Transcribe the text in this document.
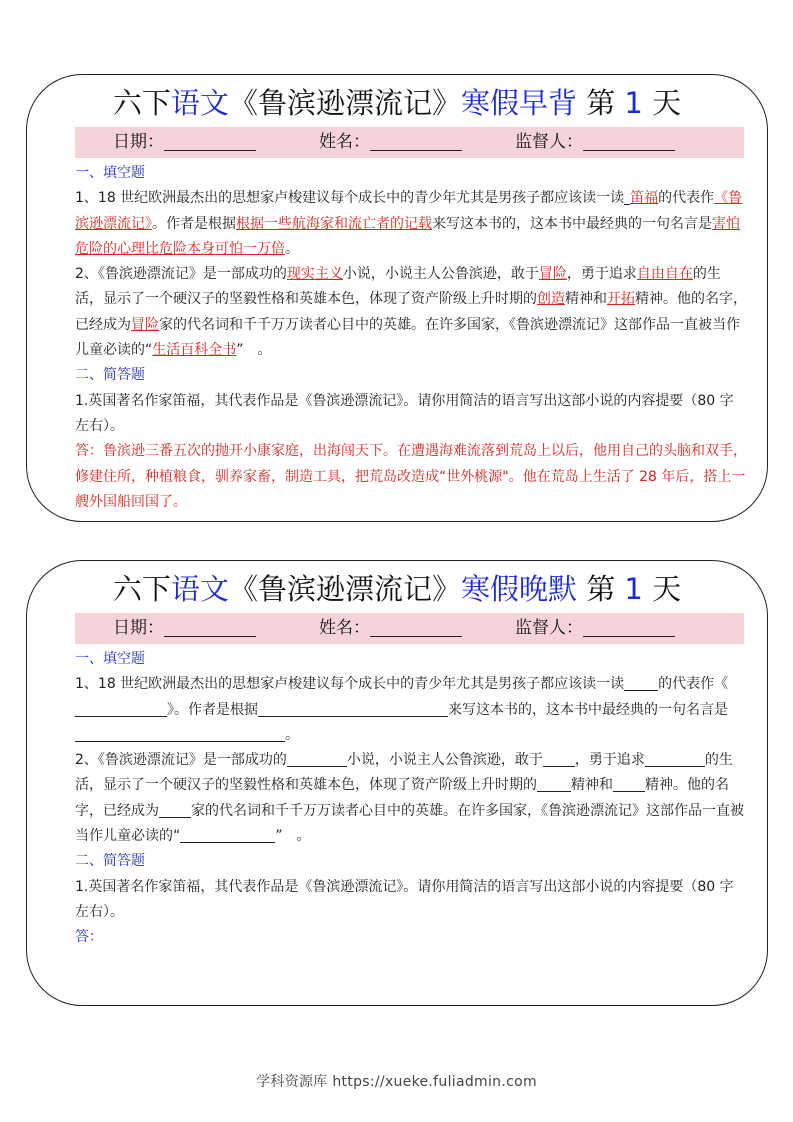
六下语文《鲁滨逊漂流记》寒假早背 第 1 天
日期：	姓名：	监督人：

一、填空题

1、18 世纪欧洲最杰出的思想家卢梭建议每个成长中的青少年尤其是男孩子都应该读一读 笛福的代表作《鲁滨逊漂流记》。作者是根据根据一些航海家和流亡者的记载来写这本书的，这本书中最经典的一句名言是害怕危险的心理比危险本身可怕一万倍。

2、《鲁滨逊漂流记》是一部成功的现实主义小说，小说主人公鲁滨逊，敢于冒险，勇于追求自由自在的生活，显示了一个硬汉子的坚毅性格和英雄本色，体现了资产阶级上升时期的创造精神和开拓精神。他的名字，已经成为冒险家的代名词和千千万万读者心目中的英雄。在许多国家，《鲁滨逊漂流记》这部作品一直被当作儿童必读的“生活百科全书”　。

二、简答题

1.英国著名作家笛福，其代表作品是《鲁滨逊漂流记》。请你用简洁的语言写出这部小说的内容提要（80 字左右）。

答：鲁滨逊三番五次的抛开小康家庭，出海闯天下。在遭遇海难流落到荒岛上以后，他用自己的头脑和双手，修建住所，种植粮食，驯养家畜，制造工具，把荒岛改造成“世外桃源"。他在荒岛上生活了 28 年后，搭上一艘外国船回国了。

六下语文《鲁滨逊漂流记》寒假晚默 第 1 天
日期：	姓名：	监督人：

一、填空题

1、18 世纪欧洲最杰出的思想家卢梭建议每个成长中的青少年尤其是男孩子都应该读一读 的代表作《》。作者是根据	来写这本书的，这本书中最经典的一句名言是。

2、《鲁滨逊漂流记》是一部成功的	小说，小说主人公鲁滨逊，敢于 ，勇于追求	的生活，显示了一个硬汉子的坚毅性格和英雄本色，体现了资产阶级上升时期的 精神和 精神。他的名字，已经成为 家的代名词和千千万万读者心目中的英雄。在许多国家，《鲁滨逊漂流记》这部作品一直被当作儿童必读的“	”　。

二、简答题

1.英国著名作家笛福，其代表作品是《鲁滨逊漂流记》。请你用简洁的语言写出这部小说的内容提要（80 字左右）。

答：

学科资源库 https://xueke.fuliadmin.com
